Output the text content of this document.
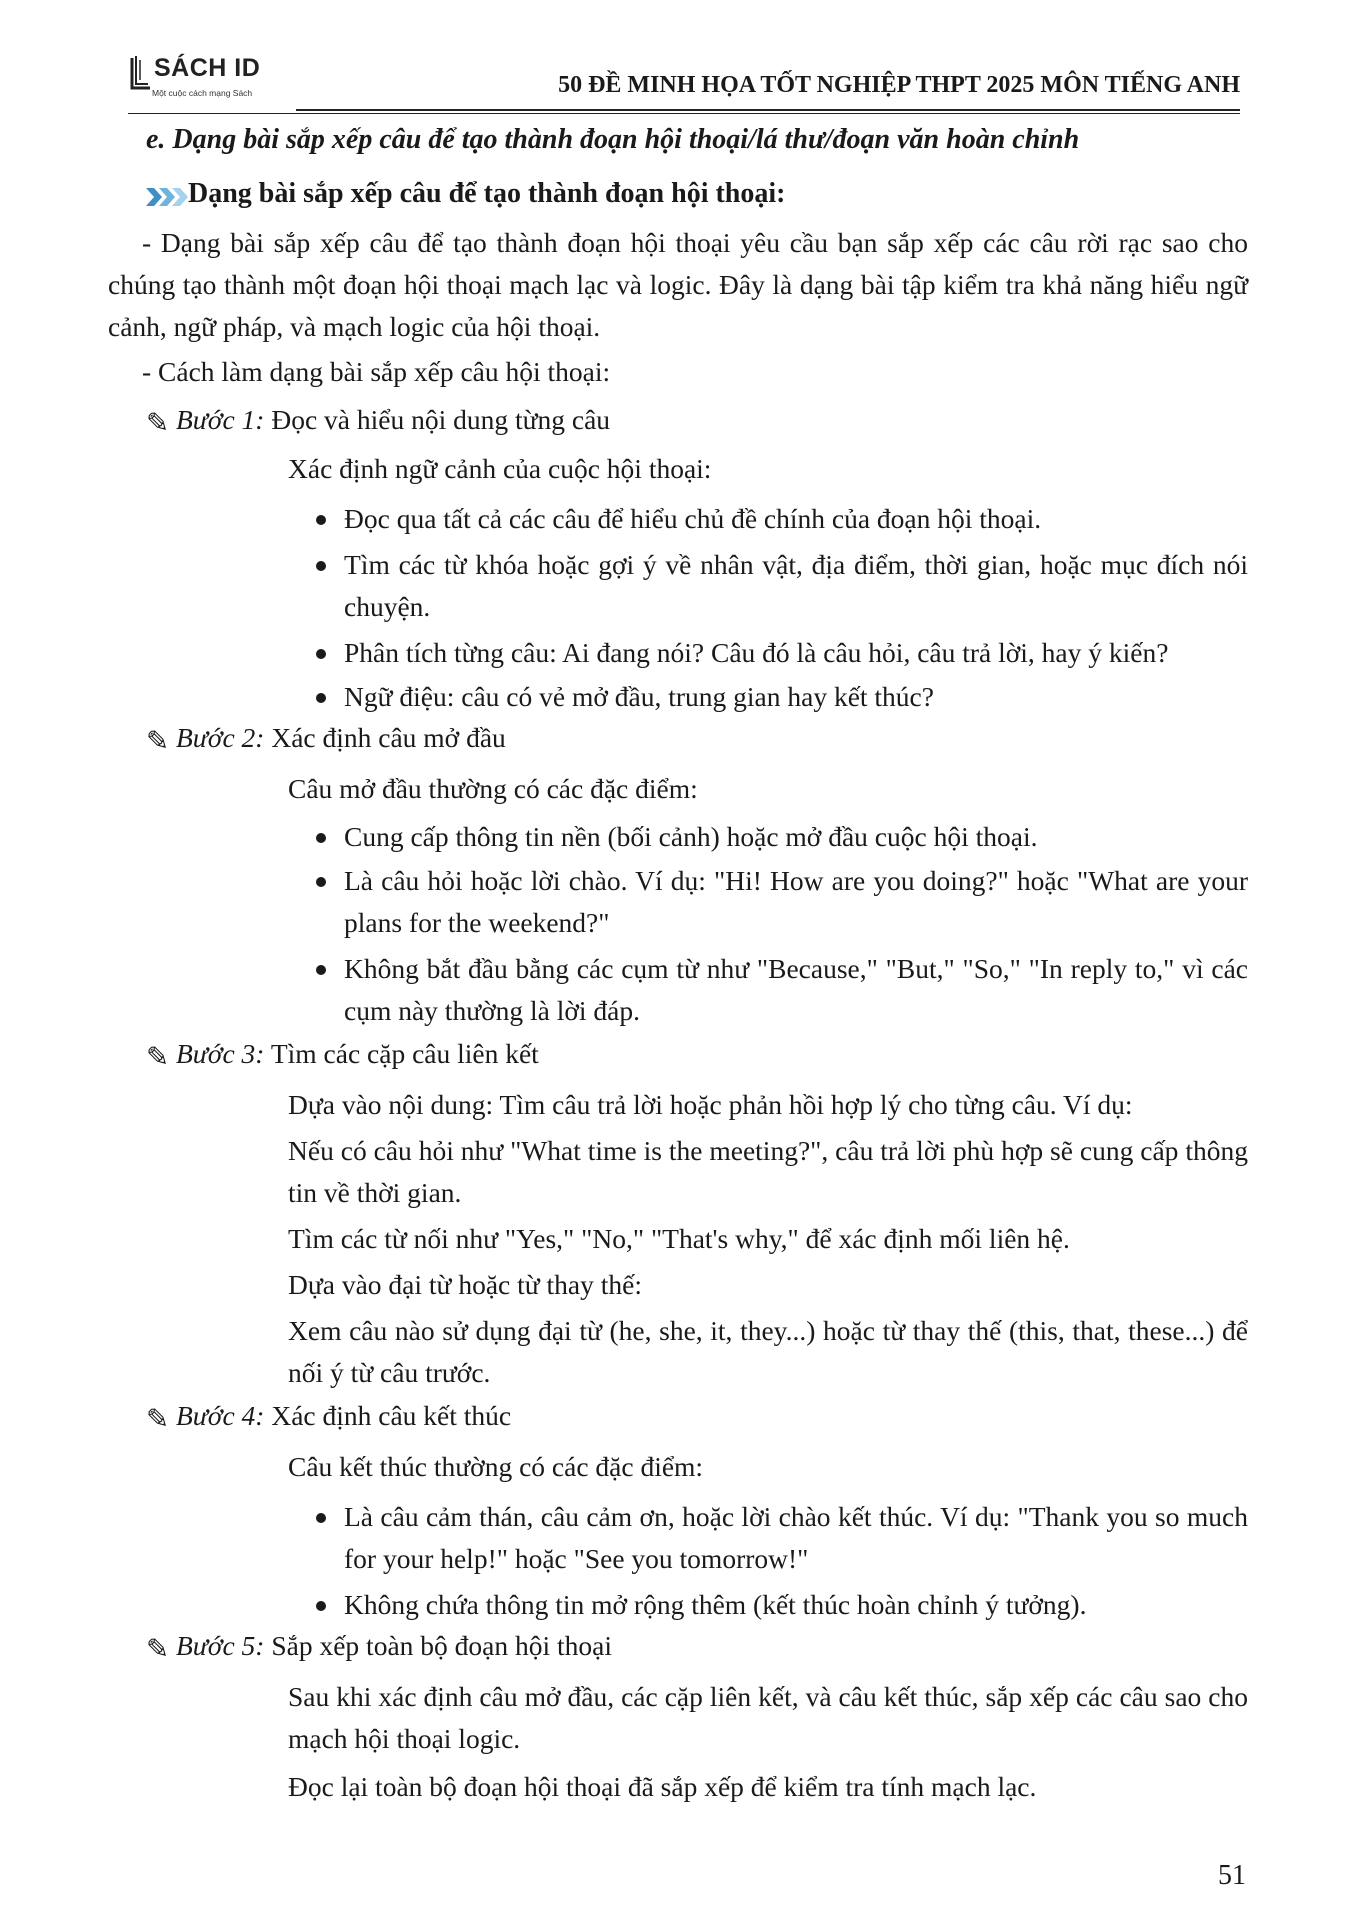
SÁCH ID
Một cuộc cách mạng Sách	50 ĐỀ MINH HỌA TỐT NGHIỆP THPT 2025 MÔN TIẾNG ANH
e. Dạng bài sắp xếp câu để tạo thành đoạn hội thoại/lá thư/đoạn văn hoàn chỉnh
Dạng bài sắp xếp câu để tạo thành đoạn hội thoại:
- Dạng bài sắp xếp câu để tạo thành đoạn hội thoại yêu cầu bạn sắp xếp các câu rời rạc sao cho chúng tạo thành một đoạn hội thoại mạch lạc và logic. Đây là dạng bài tập kiểm tra khả năng hiểu ngữ cảnh, ngữ pháp, và mạch logic của hội thoại.
- Cách làm dạng bài sắp xếp câu hội thoại:
✎ Bước 1: Đọc và hiểu nội dung từng câu
Xác định ngữ cảnh của cuộc hội thoại:
Đọc qua tất cả các câu để hiểu chủ đề chính của đoạn hội thoại.
Tìm các từ khóa hoặc gợi ý về nhân vật, địa điểm, thời gian, hoặc mục đích nói chuyện.
Phân tích từng câu: Ai đang nói? Câu đó là câu hỏi, câu trả lời, hay ý kiến?
Ngữ điệu: câu có vẻ mở đầu, trung gian hay kết thúc?
✎ Bước 2: Xác định câu mở đầu
Câu mở đầu thường có các đặc điểm:
Cung cấp thông tin nền (bối cảnh) hoặc mở đầu cuộc hội thoại.
Là câu hỏi hoặc lời chào. Ví dụ: "Hi! How are you doing?" hoặc "What are your plans for the weekend?"
Không bắt đầu bằng các cụm từ như "Because," "But," "So," "In reply to," vì các cụm này thường là lời đáp.
✎ Bước 3: Tìm các cặp câu liên kết
Dựa vào nội dung: Tìm câu trả lời hoặc phản hồi hợp lý cho từng câu. Ví dụ:
Nếu có câu hỏi như "What time is the meeting?", câu trả lời phù hợp sẽ cung cấp thông tin về thời gian.
Tìm các từ nối như "Yes," "No," "That's why," để xác định mối liên hệ.
Dựa vào đại từ hoặc từ thay thế:
Xem câu nào sử dụng đại từ (he, she, it, they...) hoặc từ thay thế (this, that, these...) để nối ý từ câu trước.
✎ Bước 4: Xác định câu kết thúc
Câu kết thúc thường có các đặc điểm:
Là câu cảm thán, câu cảm ơn, hoặc lời chào kết thúc. Ví dụ: "Thank you so much for your help!" hoặc "See you tomorrow!"
Không chứa thông tin mở rộng thêm (kết thúc hoàn chỉnh ý tưởng).
✎ Bước 5: Sắp xếp toàn bộ đoạn hội thoại
Sau khi xác định câu mở đầu, các cặp liên kết, và câu kết thúc, sắp xếp các câu sao cho mạch hội thoại logic.
Đọc lại toàn bộ đoạn hội thoại đã sắp xếp để kiểm tra tính mạch lạc.
51
